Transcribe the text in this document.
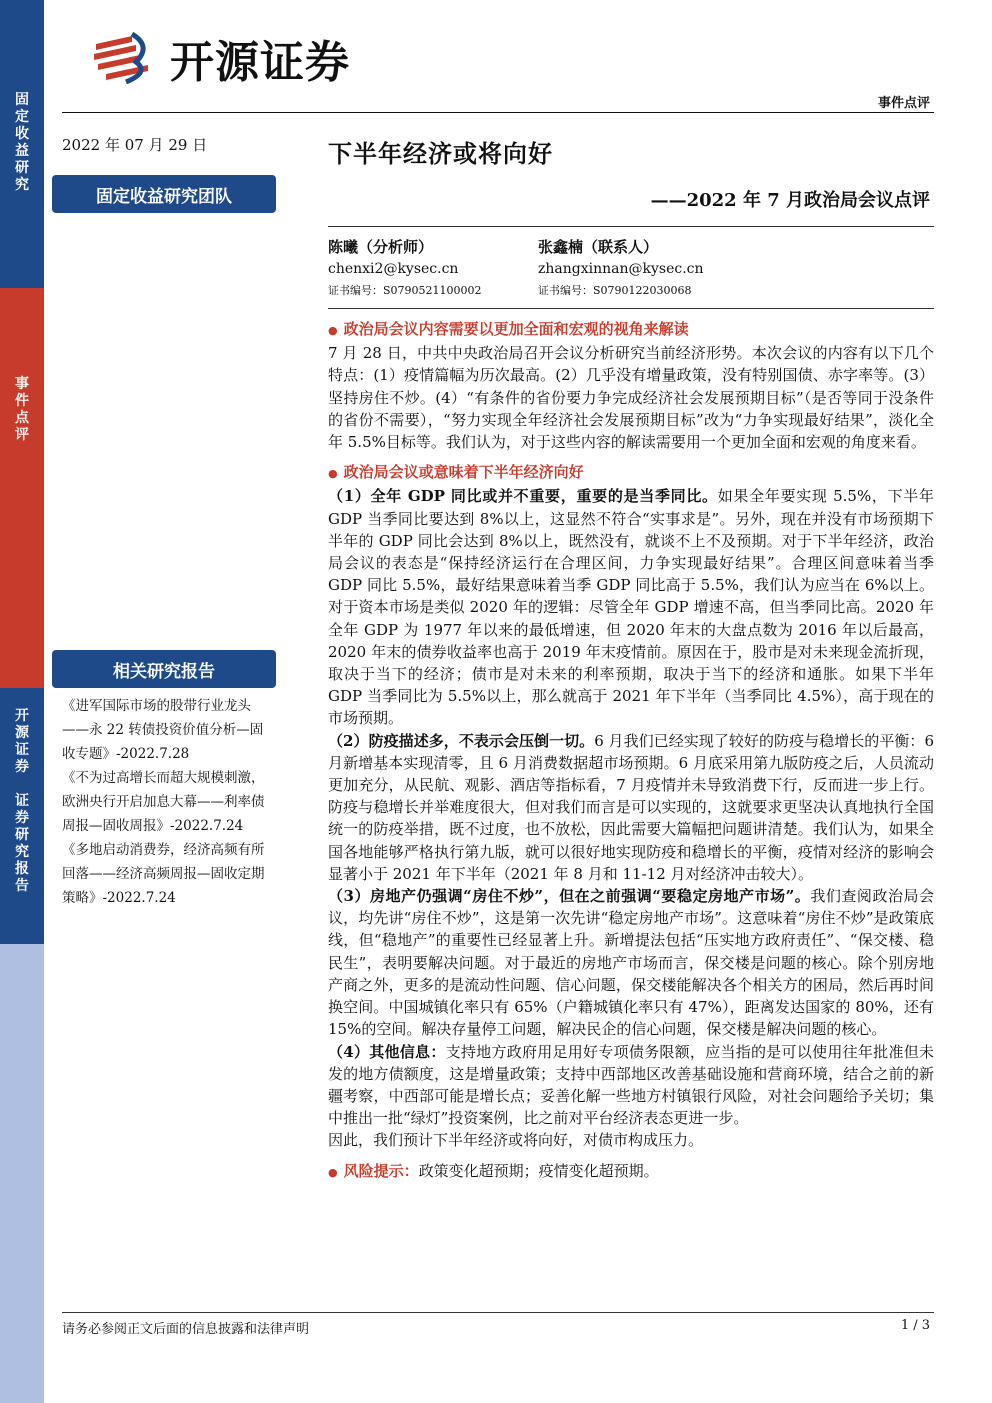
固
定
收
益
研
究
事
件
点
评
开
源
证
券

证
券
研
究
报
告
开源证券
事件点评
2022 年 07 月 29 日
固定收益研究团队
相关研究报告
《进军国际市场的股带行业龙头——永 22 转债投资价值分析—固收专题》-2022.7.28
《不为过高增长而超大规模刺激，欧洲央行开启加息大幕——利率债周报—固收周报》-2022.7.24
《多地启动消费券，经济高频有所回落——经济高频周报—固收定期策略》-2022.7.24
下半年经济或将向好
——2022 年 7 月政治局会议点评
陈曦（分析师）
chenxi2@kysec.cn
证书编号：S0790521100002
张鑫楠（联系人）
zhangxinnan@kysec.cn
证书编号：S0790122030068

● 政治局会议内容需要以更加全面和宏观的视角来解读

7 月 28 日，中共中央政治局召开会议分析研究当前经济形势。本次会议的内容有以下几个特点：(1）疫情篇幅为历次最高。(2）几乎没有增量政策，没有特别国债、赤字率等。(3）坚持房住不炒。(4）“有条件的省份要力争完成经济社会发展预期目标”（是否等同于没条件的省份不需要），“努力实现全年经济社会发展预期目标”改为“力争实现最好结果”，淡化全年 5.5%目标等。我们认为，对于这些内容的解读需要用一个更加全面和宏观的角度来看。

● 政治局会议或意味着下半年经济向好

（1）全年 GDP 同比或并不重要，重要的是当季同比。如果全年要实现 5.5%，下半年 GDP 当季同比要达到 8%以上，这显然不符合“实事求是”。另外，现在并没有市场预期下半年的 GDP 同比会达到 8%以上，既然没有，就谈不上不及预期。对于下半年经济，政治局会议的表态是“保持经济运行在合理区间，力争实现最好结果”。合理区间意味着当季 GDP 同比 5.5%，最好结果意味着当季 GDP 同比高于 5.5%，我们认为应当在 6%以上。对于资本市场是类似 2020 年的逻辑：尽管全年 GDP 增速不高，但当季同比高。2020 年全年 GDP 为 1977 年以来的最低增速，但 2020 年末的大盘点数为 2016 年以后最高，2020 年末的债券收益率也高于 2019 年末疫情前。原因在于，股市是对未来现金流折现，取决于当下的经济；债市是对未来的利率预期，取决于当下的经济和通胀。如果下半年 GDP 当季同比为 5.5%以上，那么就高于 2021 年下半年（当季同比 4.5%），高于现在的市场预期。

（2）防疫描述多，不表示会压倒一切。6 月我们已经实现了较好的防疫与稳增长的平衡：6 月新增基本实现清零，且 6 月消费数据超市场预期。6 月底采用第九版防疫之后，人员流动更加充分，从民航、观影、酒店等指标看，7 月疫情并未导致消费下行，反而进一步上行。防疫与稳增长并举难度很大，但对我们而言是可以实现的，这就要求更坚决认真地执行全国统一的防疫举措，既不过度，也不放松，因此需要大篇幅把问题讲清楚。我们认为，如果全国各地能够严格执行第九版，就可以很好地实现防疫和稳增长的平衡，疫情对经济的影响会显著小于 2021 年下半年（2021 年 8 月和 11-12 月对经济冲击较大）。

（3）房地产仍强调“房住不炒”，但在之前强调“要稳定房地产市场”。我们查阅政治局会议，均先讲“房住不炒”，这是第一次先讲“稳定房地产市场”。这意味着“房住不炒”是政策底线，但“稳地产”的重要性已经显著上升。新增提法包括“压实地方政府责任”、“保交楼、稳民生”，表明要解决问题。对于最近的房地产市场而言，保交楼是问题的核心。除个别房地产商之外，更多的是流动性问题、信心问题，保交楼能解决各个相关方的困局，然后再时间换空间。中国城镇化率只有 65%（户籍城镇化率只有 47%），距离发达国家的 80%，还有 15%的空间。解决存量停工问题，解决民企的信心问题，保交楼是解决问题的核心。

（4）其他信息：支持地方政府用足用好专项债务限额，应当指的是可以使用往年批准但未发的地方债额度，这是增量政策；支持中西部地区改善基础设施和营商环境，结合之前的新疆考察，中西部可能是增长点；妥善化解一些地方村镇银行风险，对社会问题给予关切；集中推出一批“绿灯”投资案例，比之前对平台经济表态更进一步。

因此，我们预计下半年经济或将向好，对债市构成压力。

● 风险提示：政策变化超预期；疫情变化超预期。

请务必参阅正文后面的信息披露和法律声明	1 / 3
